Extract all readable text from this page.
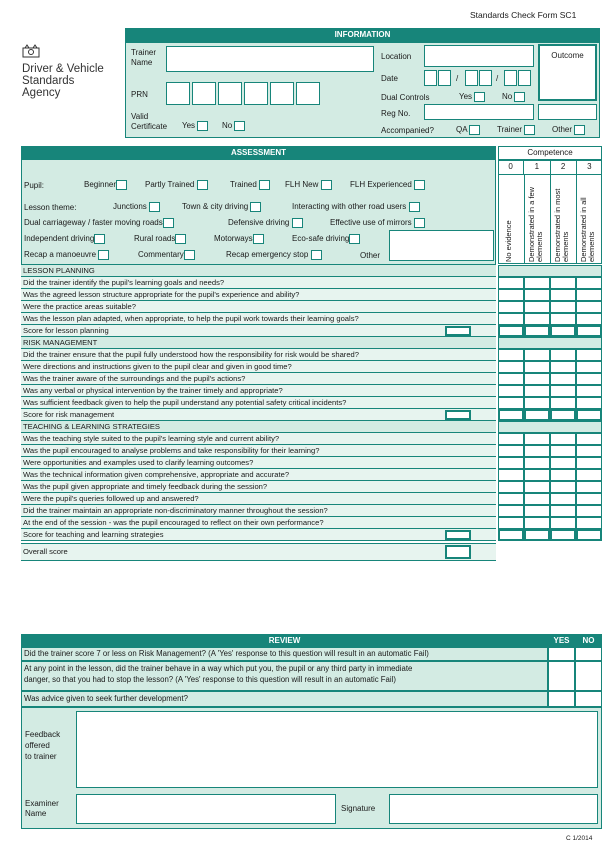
Standards Check Form SC1
Driver & Vehicle
Standards
Agency
INFORMATION
Trainer Name
PRN
Valid
Certificate Yes	No
Location
Date	/	/
Dual Controls	Yes	No
Reg No.
Accompanied?	QA	Trainer	Other
Outcome
ASSESSMENT	Competence
0	1	2	3
No evidence Demonstrated in a few elements Demonstrated in most elements Demonstrated in all elements
Pupil:	Beginner	Partly Trained	Trained	FLH New	FLH Experienced
Lesson theme:	Junctions	Town & city driving	Interacting with other road users
Dual carriageway / faster moving roads	Defensive driving	Effective use of mirrors
Independent driving	Rural roads	Motorways	Eco-safe driving
Recap a manoeuvre	Commentary	Recap emergency stop	Other
LESSON PLANNING
Did the trainer identify the pupil's learning goals and needs?
Was the agreed lesson structure appropriate for the pupil's experience and ability?
Were the practice areas suitable?
Was the lesson plan adapted, when appropriate, to help the pupil work towards their learning goals?
Score for lesson planning
RISK MANAGEMENT
Did the trainer ensure that the pupil fully understood how the responsibility for risk would be shared?
Were directions and instructions given to the pupil clear and given in good time?
Was the trainer aware of the surroundings and the pupil's actions?
Was any verbal or physical intervention by the trainer timely and appropriate?
Was sufficient feedback given to help the pupil understand any potential safety critical incidents?
Score for risk management
TEACHING & LEARNING STRATEGIES
Was the teaching style suited to the pupil's learning style and current ability?
Was the pupil encouraged to analyse problems and take responsibility for their learning?
Were opportunities and examples used to clarify learning outcomes?
Was the technical information given comprehensive, appropriate and accurate?
Was the pupil given appropriate and timely feedback during the session?
Were the pupil's queries followed up and answered?
Did the trainer maintain an appropriate non-discriminatory manner throughout the session?
At the end of the session - was the pupil encouraged to reflect on their own performance?
Score for teaching and learning strategies
Overall score
REVIEW	YES	NO
Did the trainer score 7 or less on Risk Management? (A 'Yes' response to this question will result in an automatic Fail)
At any point in the lesson, did the trainer behave in a way which put you, the pupil or any third party in immediate
danger, so that you had to stop the lesson? (A 'Yes' response to this question will result in an automatic Fail)
Was advice given to seek further development?
Feedback
offered
to trainer
Examiner
Name
Signature
C 1/2014
